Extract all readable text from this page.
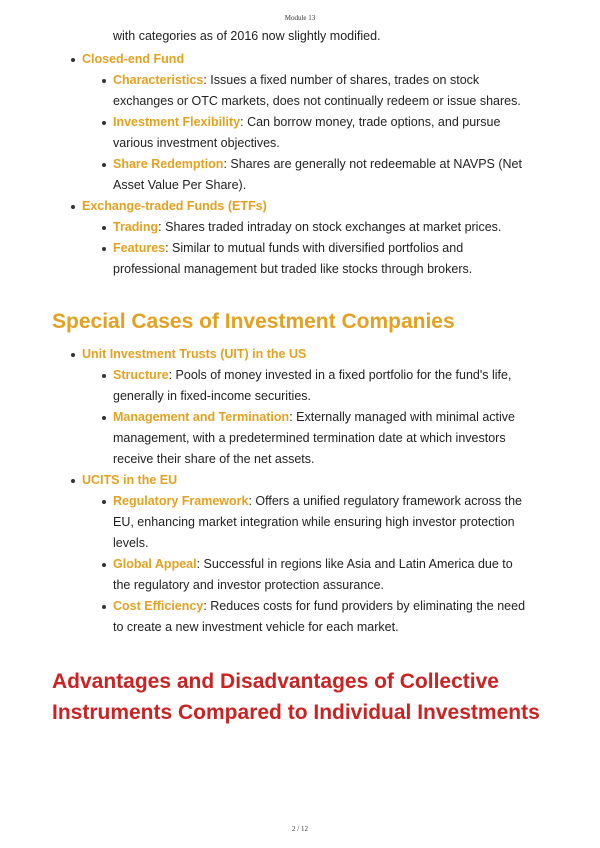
Module 13
with categories as of 2016 now slightly modified.
Closed-end Fund
Characteristics: Issues a fixed number of shares, trades on stock exchanges or OTC markets, does not continually redeem or issue shares.
Investment Flexibility: Can borrow money, trade options, and pursue various investment objectives.
Share Redemption: Shares are generally not redeemable at NAVPS (Net Asset Value Per Share).
Exchange-traded Funds (ETFs)
Trading: Shares traded intraday on stock exchanges at market prices.
Features: Similar to mutual funds with diversified portfolios and professional management but traded like stocks through brokers.
Special Cases of Investment Companies
Unit Investment Trusts (UIT) in the US
Structure: Pools of money invested in a fixed portfolio for the fund's life, generally in fixed-income securities.
Management and Termination: Externally managed with minimal active management, with a predetermined termination date at which investors receive their share of the net assets.
UCITS in the EU
Regulatory Framework: Offers a unified regulatory framework across the EU, enhancing market integration while ensuring high investor protection levels.
Global Appeal: Successful in regions like Asia and Latin America due to the regulatory and investor protection assurance.
Cost Efficiency: Reduces costs for fund providers by eliminating the need to create a new investment vehicle for each market.
Advantages and Disadvantages of Collective Instruments Compared to Individual Investments
2 / 12
